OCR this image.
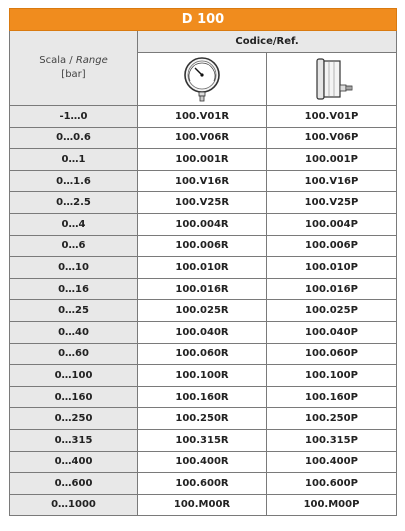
D 100		
Scala / Range
[bar]	Codice/Ref.	

-1…0	100.V01R	100.V01P
0…0.6	100.V06R	100.V06P
0…1	100.001R	100.001P
0…1.6	100.V16R	100.V16P
0…2.5	100.V25R	100.V25P
0…4	100.004R	100.004P
0…6	100.006R	100.006P
0…10	100.010R	100.010P
0…16	100.016R	100.016P
0…25	100.025R	100.025P
0…40	100.040R	100.040P
0…60	100.060R	100.060P
0…100	100.100R	100.100P
0…160	100.160R	100.160P
0…250	100.250R	100.250P
0…315	100.315R	100.315P
0…400	100.400R	100.400P
0…600	100.600R	100.600P
0…1000	100.M00R	100.M00P
